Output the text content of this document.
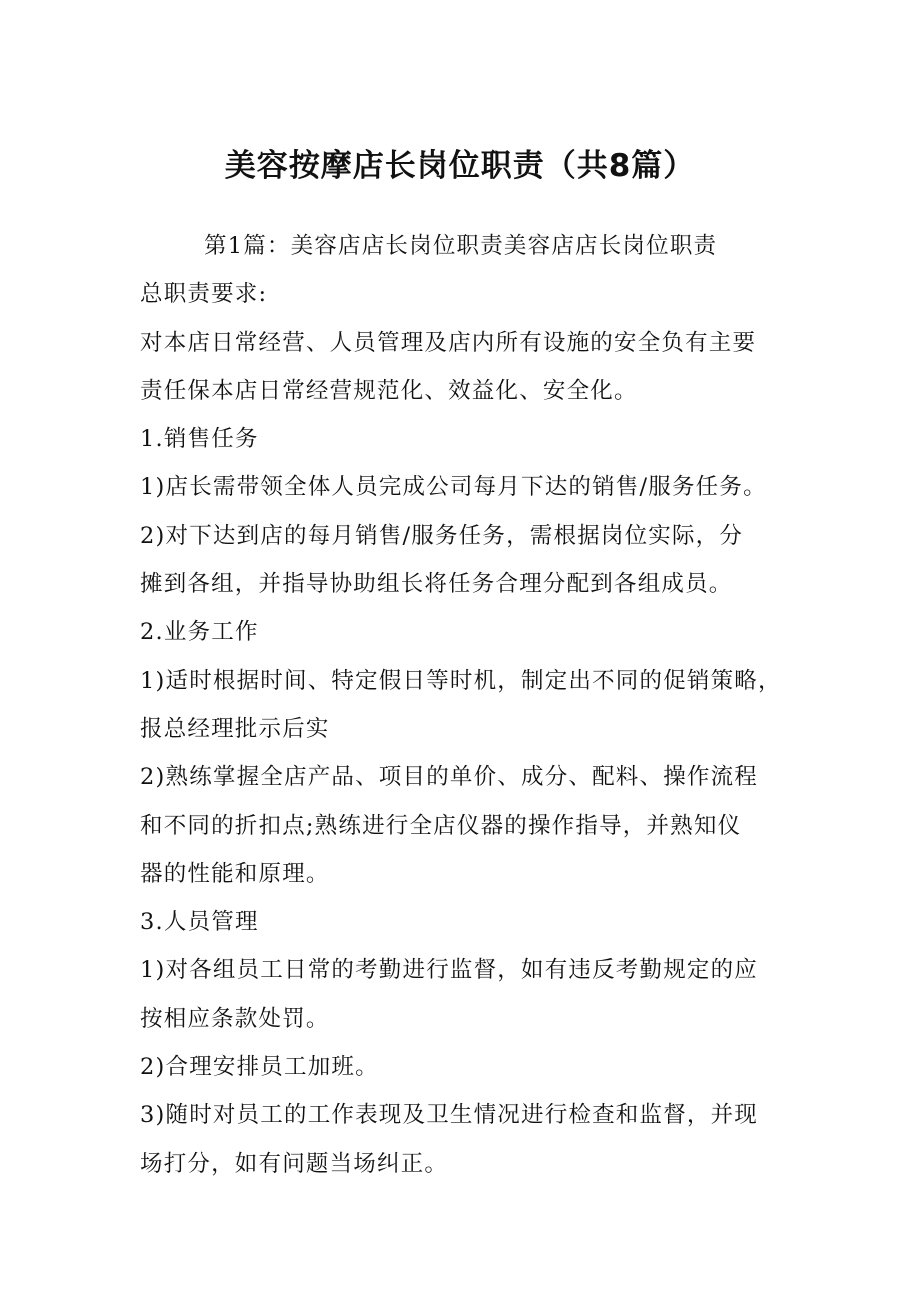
美容按摩店长岗位职责（共8篇）
第1篇：美容店店长岗位职责美容店店长岗位职责
总职责要求:
对本店日常经营、人员管理及店内所有设施的安全负有主要
责任保本店日常经营规范化、效益化、安全化。
1.销售任务
1)店长需带领全体人员完成公司每月下达的销售/服务任务。
2)对下达到店的每月销售/服务任务，需根据岗位实际，分
摊到各组，并指导协助组长将任务合理分配到各组成员。
2.业务工作
1)适时根据时间、特定假日等时机，制定出不同的促销策略，
报总经理批示后实
2)熟练掌握全店产品、项目的单价、成分、配料、操作流程
和不同的折扣点;熟练进行全店仪器的操作指导，并熟知仪
器的性能和原理。
3.人员管理
1)对各组员工日常的考勤进行监督，如有违反考勤规定的应
按相应条款处罚。
2)合理安排员工加班。
3)随时对员工的工作表现及卫生情况进行检查和监督，并现
场打分，如有问题当场纠正。
